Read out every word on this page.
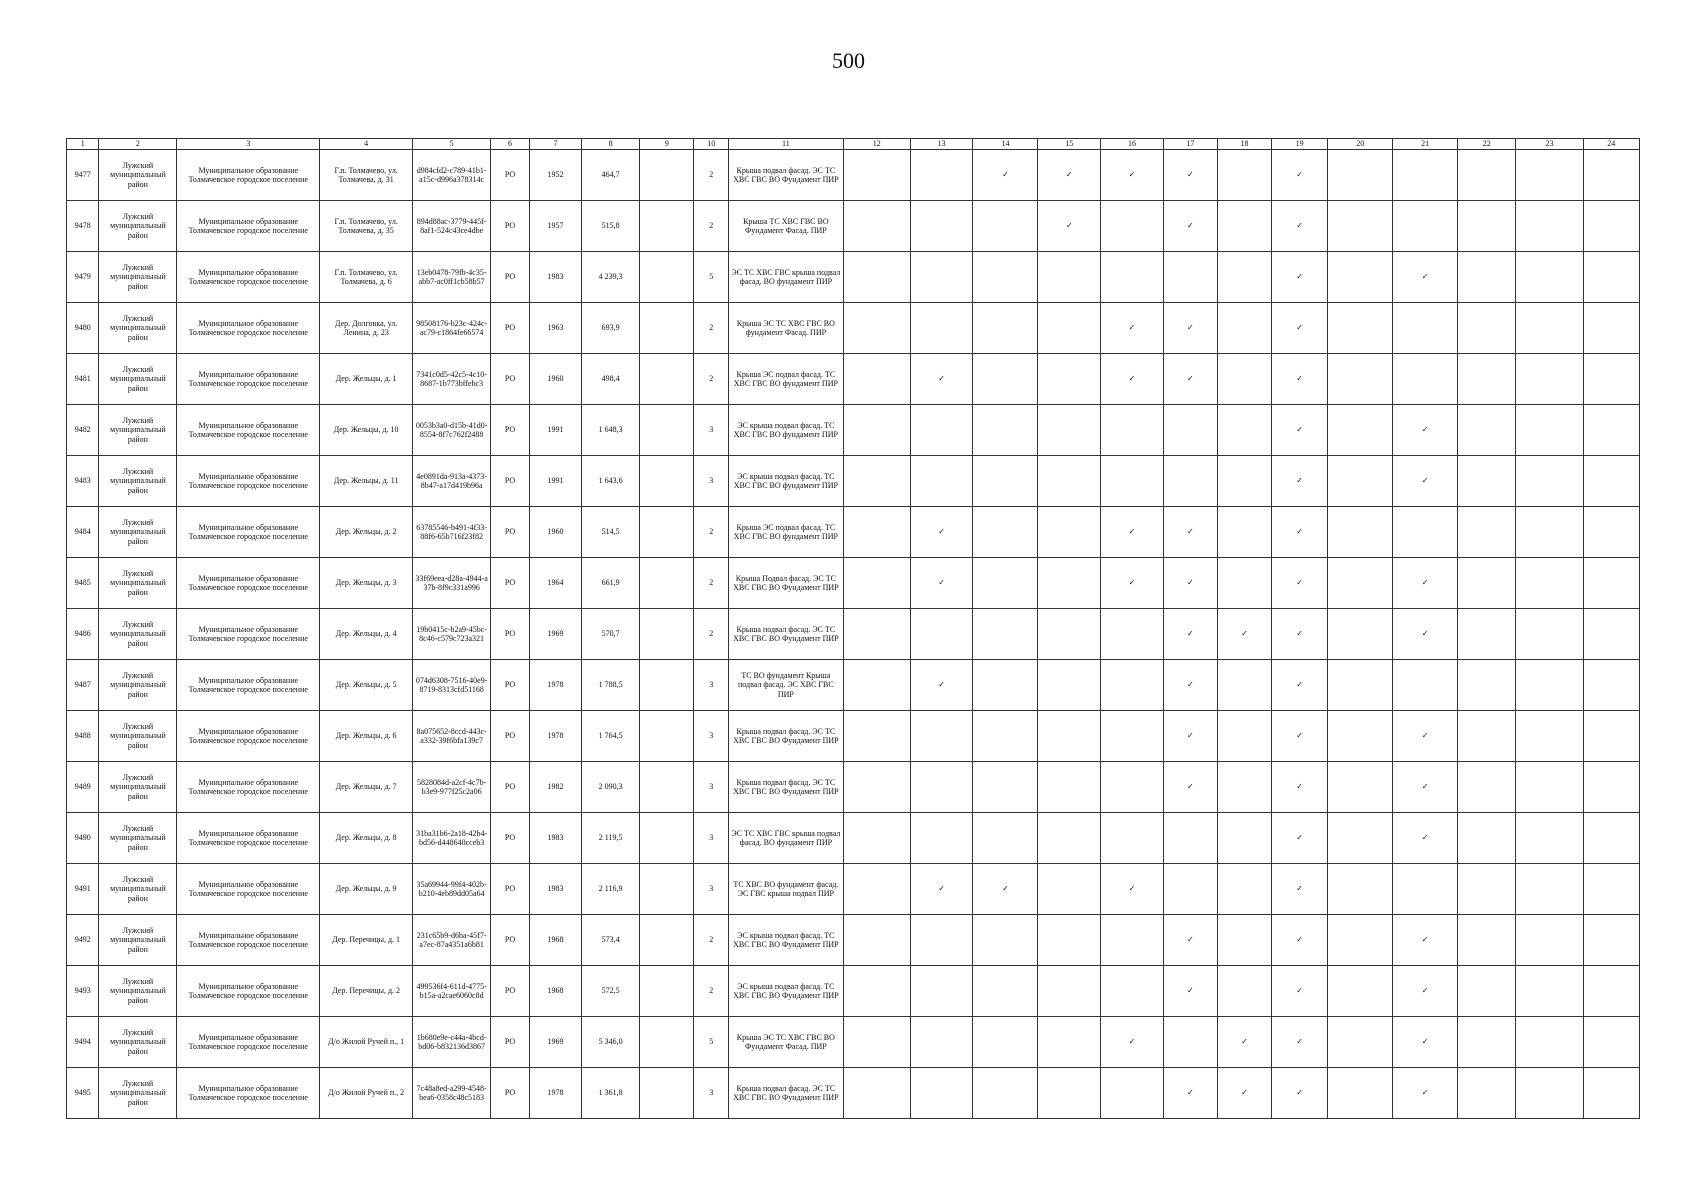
500
1	2	3	4	5	6	7	8	9	10	11	12	13	14	15	16	17	18	19	20	21	22	23	24
9477	Лужский муниципальный район	Муниципальное образование Толмачевское городское поселение	Г.п. Толмачево, ул. Толмачева, д. 31	d984cfd2-c789-41b1-a15c-d996a378314c	РО	1952	464,7		2	Крыша подвал фасад. ЭС ТС ХВС ГВС ВО Фундамент ПИР			✓	✓	✓	✓		✓					
9478	Лужский муниципальный район	Муниципальное образование Толмачевское городское поселение	Г.п. Толмачево, ул. Толмачева, д. 35	894d88ac-3779-445f-8af1-524c43ce4dbe	РО	1957	515,8		2	Крыша ТС ХВС ГВС ВО Фундамент Фасад. ПИР				✓		✓		✓					
9479	Лужский муниципальный район	Муниципальное образование Толмачевское городское поселение	Г.п. Толмачево, ул. Толмачева, д. 6	13eb0478-79fb-4c35-abb7-ac0ff1cb58b57	РО	1983	4 239,3		5	ЭС ТС ХВС ГВС крыша подвал фасад. ВО фундамент ПИР								✓		✓			
9480	Лужский муниципальный район	Муниципальное образование Толмачевское городское поселение	Дер. Долговка, ул. Ленина, д. 23	98508176-b23c-424c-ac79-c1864fe66574	РО	1963	693,9		2	Крыша ЭС ТС ХВС ГВС ВО фундамент Фасад. ПИР					✓	✓		✓					
9481	Лужский муниципальный район	Муниципальное образование Толмачевское городское поселение	Дер. Жельцы, д. 1	7341c0d5-42c5-4c10-8687-1b773bffebc3	РО	1960	498,4		2	Крыша ЭС подвал фасад. ТС ХВС ГВС ВО фундамент ПИР		✓			✓	✓		✓					
9482	Лужский муниципальный район	Муниципальное образование Толмачевское городское поселение	Дер. Жельцы, д. 10	0053b3a0-d15b-41d0-8554-8f7c762f2488	РО	1991	1 648,3		3	ЭС крыша подвал фасад. ТС ХВС ГВС ВО фундамент ПИР								✓		✓			
9483	Лужский муниципальный район	Муниципальное образование Толмачевское городское поселение	Дер. Жельцы, д. 11	4e0891da-913a-4373-8b47-a17d419b96a	РО	1991	1 643,6		3	ЭС крыша подвал фасад. ТС ХВС ГВС ВО фундамент ПИР								✓		✓			
9484	Лужский муниципальный район	Муниципальное образование Толмачевское городское поселение	Дер. Жельцы, д. 2	63785546-b491-4f33-88f6-65b716f23f82	РО	1960	514,5		2	Крыша ЭС подвал фасад. ТС ХВС ГВС ВО фундамент ПИР		✓			✓	✓		✓					
9485	Лужский муниципальный район	Муниципальное образование Толмачевское городское поселение	Дер. Жельцы, д. 3	33f69eea-d28a-4944-a37b-8f9c331a996	РО	1964	661,9		2	Крыша Подвал фасад. ЭС ТС ХВС ГВС ВО Фундамент ПИР		✓			✓	✓		✓		✓			
9486	Лужский муниципальный район	Муниципальное образование Толмачевское городское поселение	Дер. Жельцы, д. 4	19b0415c-b2a9-45bc-8c46-c579c723a321	РО	1969	570,7		2	Крыша подвал фасад. ЭС ТС ХВС ГВС ВО Фундамент ПИР						✓	✓	✓		✓			
9487	Лужский муниципальный район	Муниципальное образование Толмачевское городское поселение	Дер. Жельцы, д. 5	074d6308-7516-40e9-8719-8313cfd51168	РО	1978	1 788,5		3	ТС ВО фундамент Крыша подвал фасад. ЭС ХВС ГВС ПИР		✓				✓		✓					
9488	Лужский муниципальный район	Муниципальное образование Толмачевское городское поселение	Дер. Жельцы, д. 6	8a075652-8ccd-443c-a332-39f6bfa139c7	РО	1978	1 764,5		3	Крыша подвал фасад. ЭС ТС ХВС ГВС ВО Фундамент ПИР						✓		✓		✓			
9489	Лужский муниципальный район	Муниципальное образование Толмачевское городское поселение	Дер. Жельцы, д. 7	5828084d-a2cf-4c7b-b3e9-977f25c2a06	РО	1982	2 090,3		3	Крыша подвал фасад. ЭС ТС ХВС ГВС ВО Фундамент ПИР						✓		✓		✓			
9490	Лужский муниципальный район	Муниципальное образование Толмачевское городское поселение	Дер. Жельцы, д. 8	31ba31b6-2a18-42b4-bd56-d448640cceb3	РО	1983	2 119,5		3	ЭС ТС ХВС ГВС крыша подвал фасад. ВО фундамент ПИР								✓		✓			
9491	Лужский муниципальный район	Муниципальное образование Толмачевское городское поселение	Дер. Жельцы, д. 9	35a69944-99f4-402b-b210-4eb89dd05a64	РО	1983	2 116,9		3	ТС ХВС ВО фундамент фасад. ЭС ГВС крыша подвал ПИР		✓	✓		✓			✓					
9492	Лужский муниципальный район	Муниципальное образование Толмачевское городское поселение	Дер. Перечицы, д. 1	231c65b9-d6ba-45f7-a7ec-87a4351a6b81	РО	1968	573,4		2	ЭС крыша подвал фасад. ТС ХВС ГВС ВО Фундамент ПИР						✓		✓		✓			
9493	Лужский муниципальный район	Муниципальное образование Толмачевское городское поселение	Дер. Перечицы, д. 2	499536f4-611d-4775-b15a-a2cae6060c8d	РО	1968	572,5		2	ЭС крыша подвал фасад. ТС ХВС ГВС ВО Фундамент ПИР						✓		✓		✓			
9494	Лужский муниципальный район	Муниципальное образование Толмачевское городское поселение	Д/о Жилой Ручей п., 1	1b680e9e-c44a-4bcd-bd06-b832136d3867	РО	1969	5 346,0		5	Крыша ЭС ТС ХВС ГВС ВО Фундамент Фасад. ПИР					✓		✓	✓		✓			
9495	Лужский муниципальный район	Муниципальное образование Толмачевское городское поселение	Д/о Жилой Ручей п., 2	7c48a8ed-a299-4548-bea6-0358c48c5183	РО	1978	1 361,8		3	Крыша подвал фасад. ЭС ТС ХВС ГВС ВО Фундамент ПИР						✓	✓	✓		✓			
